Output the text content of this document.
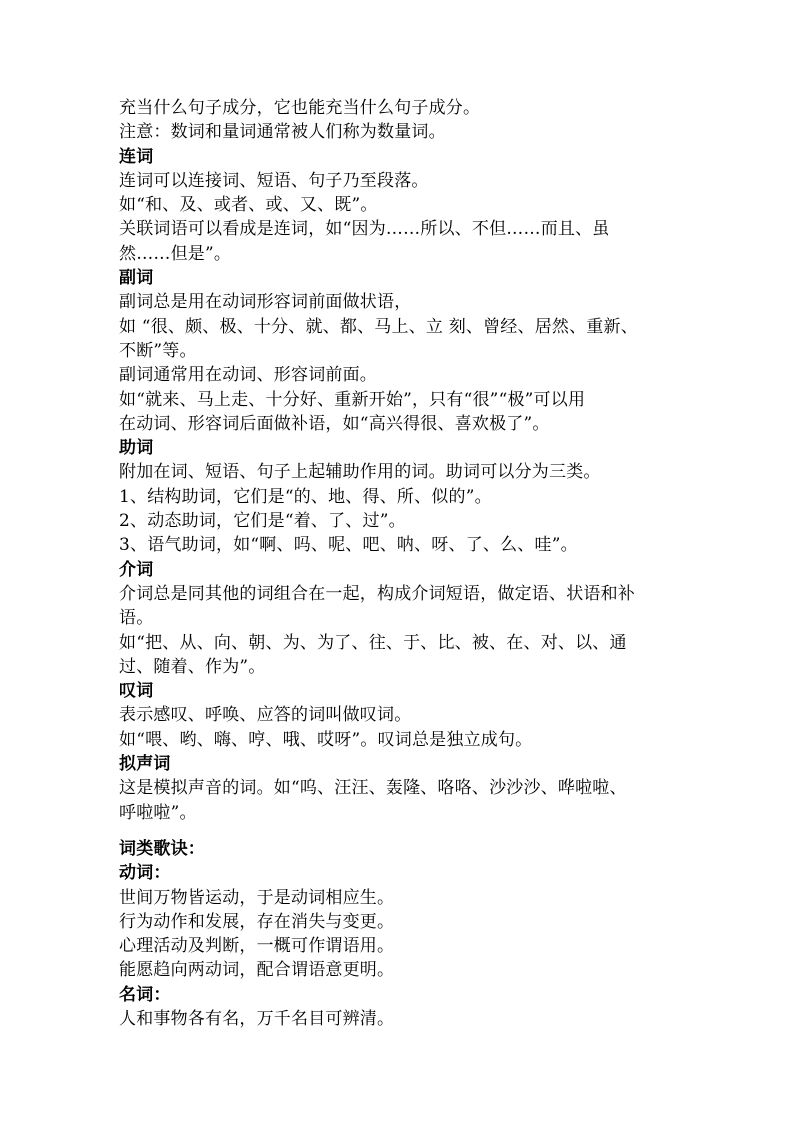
充当什么句子成分，它也能充当什么句子成分。
注意：数词和量词通常被人们称为数量词。
连词
连词可以连接词、短语、句子乃至段落。
如“和、及、或者、或、又、既”。
关联词语可以看成是连词，如“因为……所以、不但……而且、虽
然……但是”。
副词
副词总是用在动词形容词前面做状语，
如 “很、颇、极、十分、就、都、马上、立 刻、曾经、居然、重新、
不断”等。
副词通常用在动词、形容词前面。
如“就来、马上走、十分好、重新开始”，只有“很”“极”可以用
在动词、形容词后面做补语，如“高兴得很、喜欢极了”。
助词
附加在词、短语、句子上起辅助作用的词。助词可以分为三类。
1、结构助词，它们是“的、地、得、所、似的”。
2、动态助词，它们是“着、了、过”。
3、语气助词，如“啊、吗、呢、吧、呐、呀、了、么、哇”。
介词
介词总是同其他的词组合在一起，构成介词短语，做定语、状语和补
语。
如“把、从、向、朝、为、为了、往、于、比、被、在、对、以、通
过、随着、作为”。
叹词
表示感叹、呼唤、应答的词叫做叹词。
如“喂、哟、嗨、哼、哦、哎呀”。叹词总是独立成句。
拟声词
这是模拟声音的词。如“呜、汪汪、轰隆、咯咯、沙沙沙、哗啦啦、
呼啦啦”。
词类歌诀：
动词：
世间万物皆运动，于是动词相应生。
行为动作和发展，存在消失与变更。
心理活动及判断，一概可作谓语用。
能愿趋向两动词，配合谓语意更明。
名词：
人和事物各有名，万千名目可辨清。
